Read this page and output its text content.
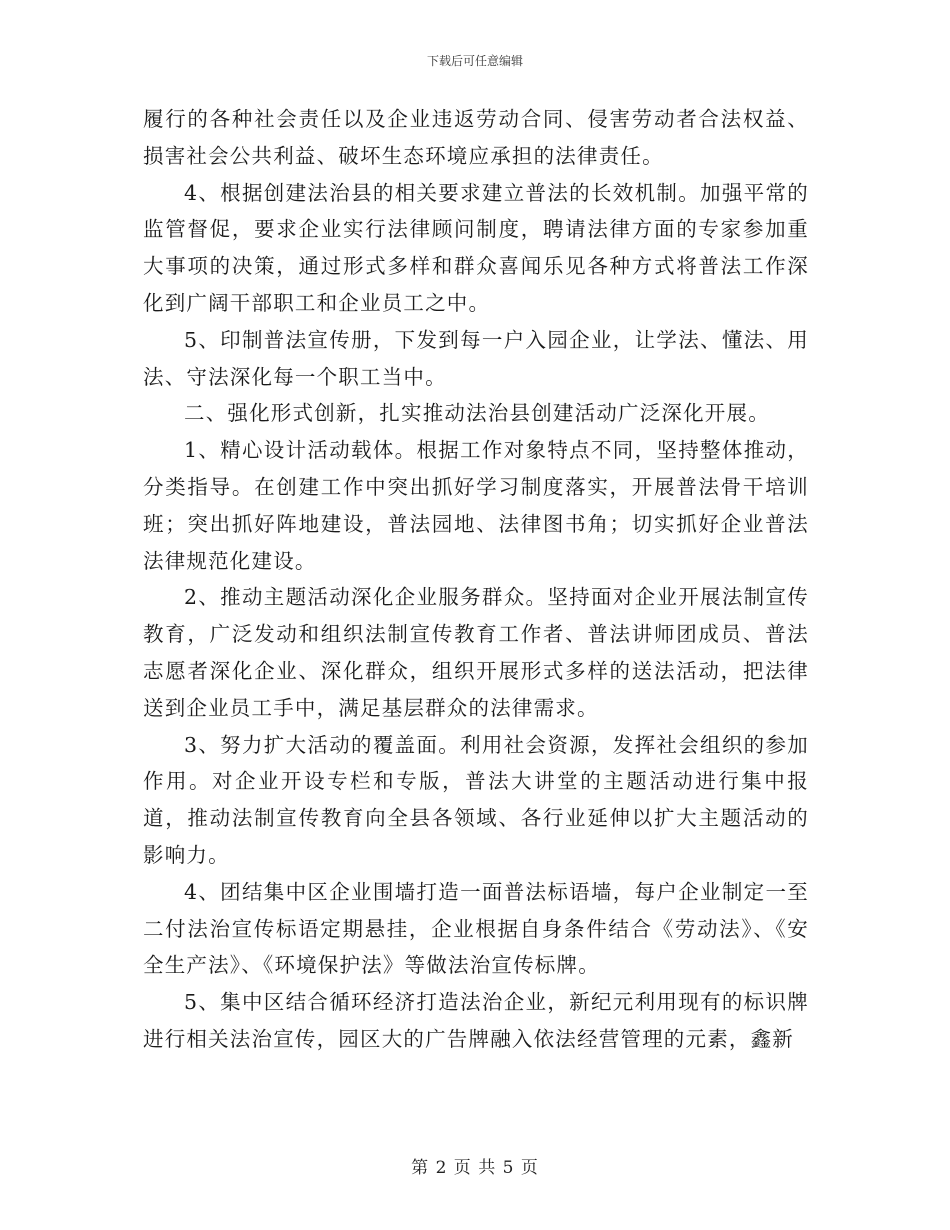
下载后可任意编辑

履行的各种社会责任以及企业违返劳动合同、侵害劳动者合法权益、损害社会公共利益、破坏生态环境应承担的法律责任。

4、根据创建法治县的相关要求建立普法的长效机制。加强平常的监管督促，要求企业实行法律顾问制度，聘请法律方面的专家参加重大事项的决策，通过形式多样和群众喜闻乐见各种方式将普法工作深化到广阔干部职工和企业员工之中。

5、印制普法宣传册，下发到每一户入园企业，让学法、懂法、用法、守法深化每一个职工当中。

二、强化形式创新，扎实推动法治县创建活动广泛深化开展。

1、精心设计活动载体。根据工作对象特点不同，坚持整体推动，分类指导。在创建工作中突出抓好学习制度落实，开展普法骨干培训班；突出抓好阵地建设，普法园地、法律图书角；切实抓好企业普法法律规范化建设。

2、推动主题活动深化企业服务群众。坚持面对企业开展法制宣传教育，广泛发动和组织法制宣传教育工作者、普法讲师团成员、普法志愿者深化企业、深化群众，组织开展形式多样的送法活动，把法律送到企业员工手中，满足基层群众的法律需求。

3、努力扩大活动的覆盖面。利用社会资源，发挥社会组织的参加作用。对企业开设专栏和专版，普法大讲堂的主题活动进行集中报道，推动法制宣传教育向全县各领域、各行业延伸以扩大主题活动的影响力。

4、团结集中区企业围墙打造一面普法标语墙，每户企业制定一至二付法治宣传标语定期悬挂，企业根据自身条件结合《劳动法》、《安全生产法》、《环境保护法》等做法治宣传标牌。

5、集中区结合循环经济打造法治企业，新纪元利用现有的标识牌进行相关法治宣传，园区大的广告牌融入依法经营管理的元素，鑫新

第 2 页 共 5 页
